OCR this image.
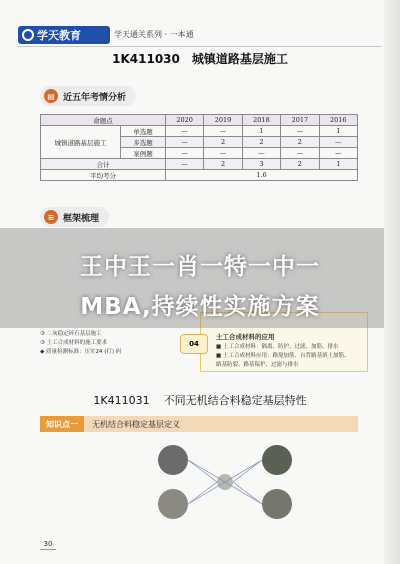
学天教育	学天通关系列 · 一本通
1K411030　城镇道路基层施工
▤ 近五年考情分析
命题点		2020	2019	2018	2017	2016
城镇道路基层施工	单选题	—	—	1	—	1
	多选题	—	2	2	2	—
	案例题	—	—	—	—	—
合计		—	2	3	2	1
平均考分		1.6				
≡ 框架梳理
③ 二灰稳定碎石基层施工
③ 土工合成材料的施工要求
◆ 质量检测标准：压实24 (打) 码
04
土工合成材料的应用
■ 土工合成材料：隔离、防护、过滤、加筋、排水
■ 土工合成材料应用：路堤加筋、台背路基填土加筋、
路基防裂、路基保护、过滤与排水
王中王一肖一特一中一
MBA,持续性实施方案
1K411031 不同无机结合料稳定基层特性
知识点一	无机结合料稳定基层定义
30
